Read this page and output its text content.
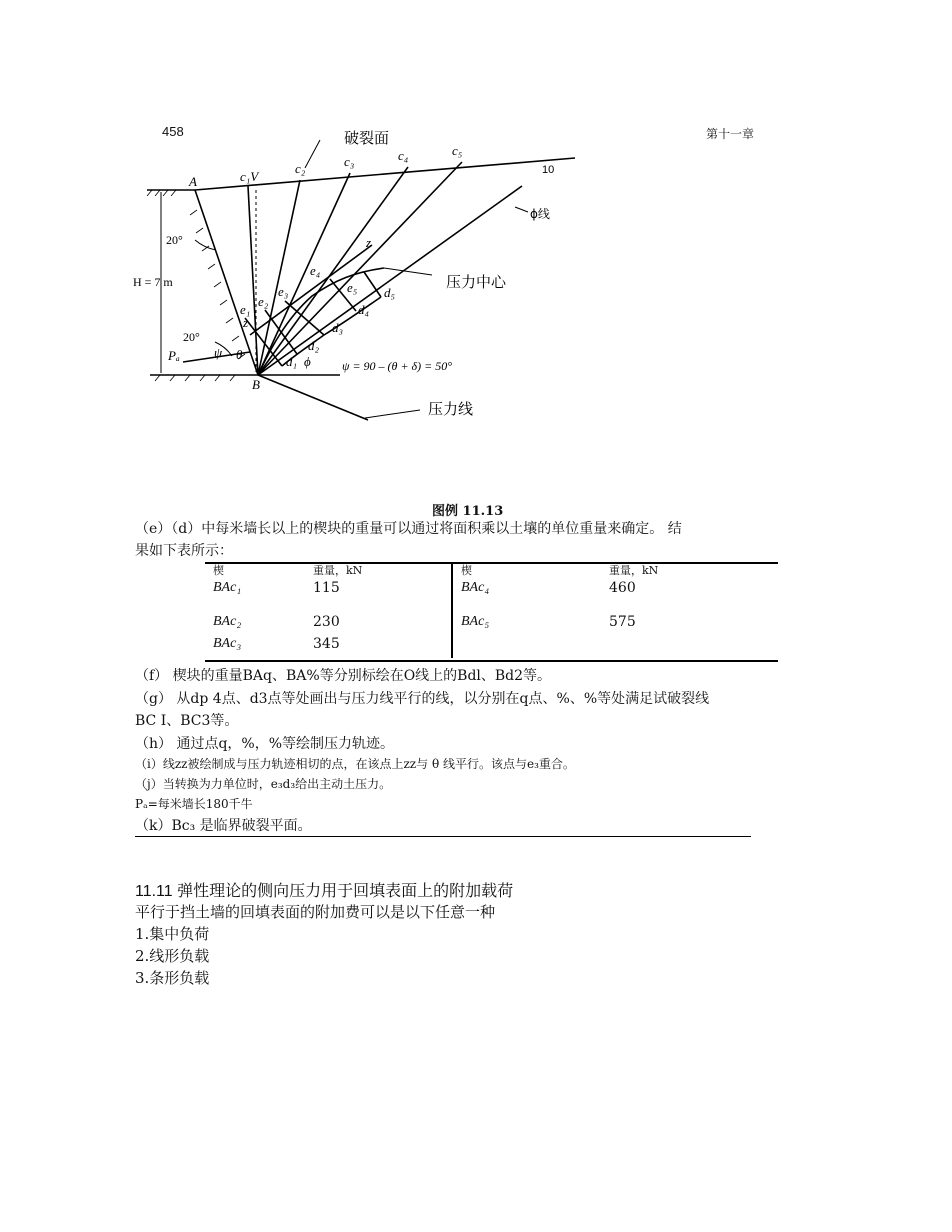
458	第十一章
破裂面
压力中心
压力线
ϕ线
10
A
B
c₁V
c₂	c₃	c₄	c₅
e₁
e₂
e₃
e₄
e₅
d₁
d₂
d₃
d₄
d₅
z
z
20°
20°
H = 7 m
Pₐ	ψ θ	ϕ	ψ = 90 – (θ + δ) = 50°
图例 11.13
（e）（d）中每米墙长以上的楔块的重量可以通过将面积乘以土壤的单位重量来确定。 结
果如下表所示：
楔	重量，kN	楔	重量，kN
BAc₁	115	BAc₄	460
BAc₂	230	BAc₅	575
BAc₃	345		
（f） 楔块的重量BAq、BA%等分别标绘在O线上的Bdl、Bd2等。
（g） 从dp 4点、d3点等处画出与压力线平行的线，以分别在q点、%、%等处满足试破裂线
BC I、BC3等。
（h） 通过点q，%，%等绘制压力轨迹。
（i）线zz被绘制成与压力轨迹相切的点，在该点上zz与 θ 线平行。该点与e₃重合。
（j）当转换为力单位时，e₃d₃给出主动土压力。
Pₐ=每米墙长180千牛
（k）Bc₃ 是临界破裂平面。
11.11 弹性理论的侧向压力用于回填表面上的附加载荷
平行于挡土墙的回填表面的附加费可以是以下任意一种
1.集中负荷
2.线形负载
3.条形负载
